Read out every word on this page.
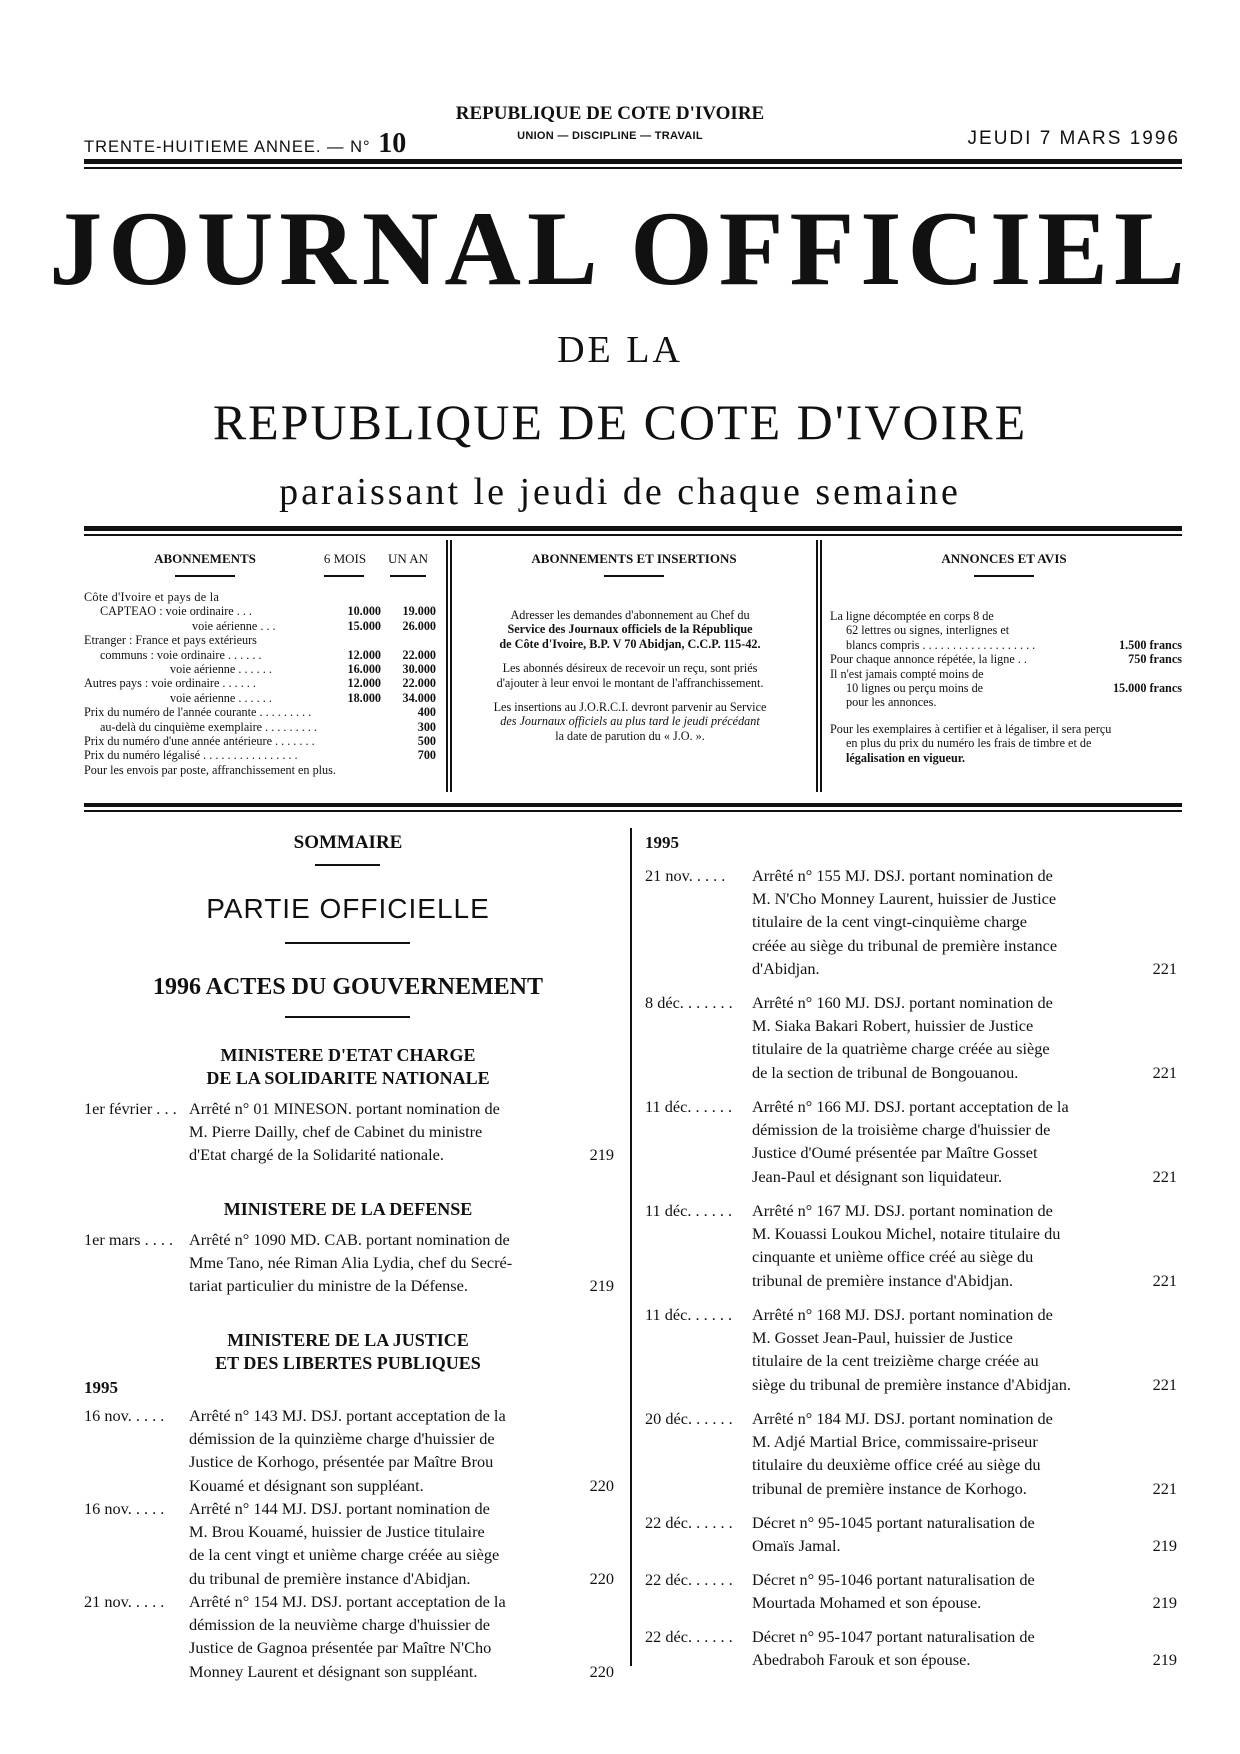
TRENTE-HUITIEME ANNEE. — N° 10
REPUBLIQUE DE COTE D'IVOIRE
UNION — DISCIPLINE — TRAVAIL	JEUDI 7 MARS 1996
JOURNAL OFFICIEL
DE LA
REPUBLIQUE DE COTE D'IVOIRE
paraissant le jeudi de chaque semaine
ABONNEMENTS	6 MOIS	UN AN
Côte d'Ivoire et pays de la
CAPTEAO : voie ordinaire . . .	10.000	19.000
voie aérienne . . .	15.000	26.000
Etranger : France et pays extérieurs
communs : voie ordinaire . . . . . .	12.000	22.000
voie aérienne . . . . . .	16.000	30.000
Autres pays : voie ordinaire . . . . . .	12.000	22.000
voie aérienne . . . . . .	18.000	34.000
Prix du numéro de l'année courante . . . . . . . . .	400
au-delà du cinquième exemplaire . . . . . . . . .	300
Prix du numéro d'une année antérieure . . . . . . .	500
Prix du numéro légalisé . . . . . . . . . . . . . . . .	700
Pour les envois par poste, affranchissement en plus.
ABONNEMENTS ET INSERTIONS
Adresser les demandes d'abonnement au Chef du
Service des Journaux officiels de la République
de Côte d'Ivoire, B.P. V 70 Abidjan, C.C.P. 115-42.
Les abonnés désireux de recevoir un reçu, sont priés
d'ajouter à leur envoi le montant de l'affranchissement.
Les insertions au J.O.R.C.I. devront parvenir au Service
des Journaux officiels au plus tard le jeudi précédant
la date de parution du « J.O. ».
ANNONCES ET AVIS
La ligne décomptée en corps 8 de
62 lettres ou signes, interlignes et
blancs compris . . . . . . . . . . . . . . . . . . .	1.500 francs
Pour chaque annonce répétée, la ligne . .	750 francs
Il n'est jamais compté moins de
10 lignes ou perçu moins de	15.000 francs
pour les annonces.
Pour les exemplaires à certifier et à légaliser, il sera perçu
en plus du prix du numéro les frais de timbre et de
légalisation en vigueur.
SOMMAIRE
PARTIE OFFICIELLE
1996 ACTES DU GOUVERNEMENT
MINISTERE D'ETAT CHARGE
DE LA SOLIDARITE NATIONALE
MINISTERE DE LA DEFENSE
MINISTERE DE LA JUSTICE
ET DES LIBERTES PUBLIQUES
1995
1995
1er février . . . Arrêté n° 01 MINESON. portant nomination de
M. Pierre Dailly, chef de Cabinet du ministre
d'Etat chargé de la Solidarité nationale.	219
1er mars . . . . Arrêté n° 1090 MD. CAB. portant nomination de
Mme Tano, née Riman Alia Lydia, chef du Secré-
tariat particulier du ministre de la Défense.	219
16 nov. . . . . Arrêté n° 143 MJ. DSJ. portant acceptation de la
démission de la quinzième charge d'huissier de
Justice de Korhogo, présentée par Maître Brou
Kouamé et désignant son suppléant.	220
16 nov. . . . . Arrêté n° 144 MJ. DSJ. portant nomination de
M. Brou Kouamé, huissier de Justice titulaire
de la cent vingt et unième charge créée au siège
du tribunal de première instance d'Abidjan.	220
21 nov. . . . . Arrêté n° 154 MJ. DSJ. portant acceptation de la
démission de la neuvième charge d'huissier de
Justice de Gagnoa présentée par Maître N'Cho
Monney Laurent et désignant son suppléant.	220
21 nov. . . . . Arrêté n° 155 MJ. DSJ. portant nomination de
M. N'Cho Monney Laurent, huissier de Justice
titulaire de la cent vingt-cinquième charge
créée au siège du tribunal de première instance
d'Abidjan.	221
8 déc. . . . . . . Arrêté n° 160 MJ. DSJ. portant nomination de
M. Siaka Bakari Robert, huissier de Justice
titulaire de la quatrième charge créée au siège
de la section de tribunal de Bongouanou.	221
11 déc. . . . . . Arrêté n° 166 MJ. DSJ. portant acceptation de la
démission de la troisième charge d'huissier de
Justice d'Oumé présentée par Maître Gosset
Jean-Paul et désignant son liquidateur.	221
11 déc. . . . . . Arrêté n° 167 MJ. DSJ. portant nomination de
M. Kouassi Loukou Michel, notaire titulaire du
cinquante et unième office créé au siège du
tribunal de première instance d'Abidjan.	221
11 déc. . . . . . Arrêté n° 168 MJ. DSJ. portant nomination de
M. Gosset Jean-Paul, huissier de Justice
titulaire de la cent treizième charge créée au
siège du tribunal de première instance d'Abidjan.	221
20 déc. . . . . . Arrêté n° 184 MJ. DSJ. portant nomination de
M. Adjé Martial Brice, commissaire-priseur
titulaire du deuxième office créé au siège du
tribunal de première instance de Korhogo.	221
22 déc. . . . . . Décret n° 95-1045 portant naturalisation de
Omaïs Jamal.	219
22 déc. . . . . . Décret n° 95-1046 portant naturalisation de
Mourtada Mohamed et son épouse.	219
22 déc. . . . . . Décret n° 95-1047 portant naturalisation de
Abedraboh Farouk et son épouse.	219
